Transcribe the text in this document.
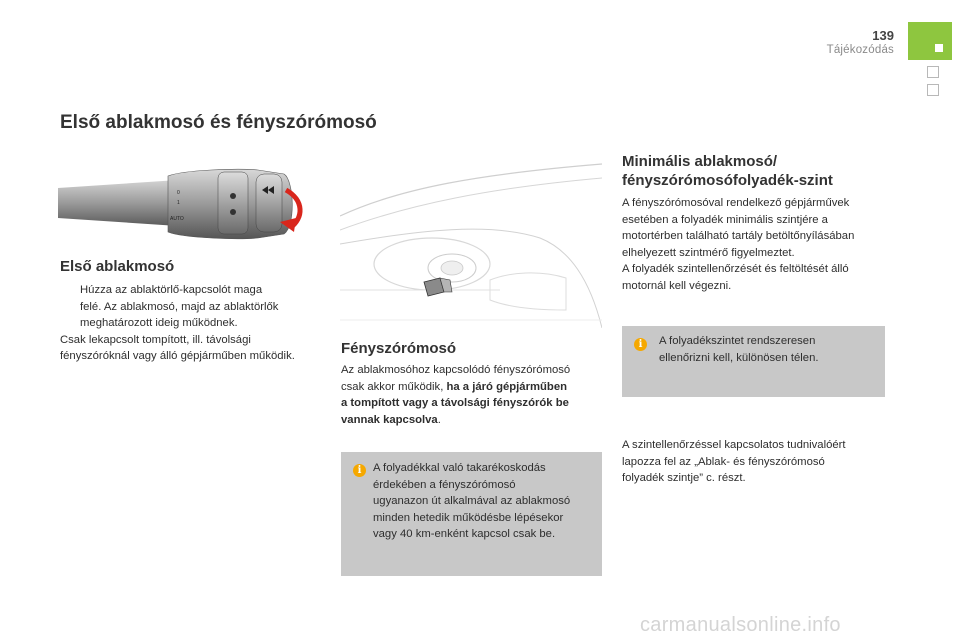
139
Tájékozódás
Első ablakmosó és fényszórómosó
0
1
AUTO
Első ablakmosó
Húzza az ablaktörlő-kapcsolót maga
felé. Az ablakmosó, majd az ablaktörlők
meghatározott ideig működnek.
Csak lekapcsolt tompított, ill. távolsági
fényszóróknál vagy álló gépjárműben működik.	Fényszórómosó
Az ablakmosóhoz kapcsolódó fényszórómosó
csak akkor működik, ha a járó gépjárműben
a tompított vagy a távolsági fényszórók be
vannak kapcsolva.
i	A folyadékkal való takarékoskodás
érdekében a fényszórómosó
ugyanazon út alkalmával az ablakmosó
minden hetedik működésbe lépésekor
vagy 40 km-enként kapcsol csak be.
Minimális ablakmosó/
fényszórómosófolyadék-szint
A fényszórómosóval rendelkező gépjárművek
esetében a folyadék minimális szintjére a
motortérben található tartály betöltőnyílásában
elhelyezett szintmérő figyelmeztet.
A folyadék szintellenőrzését és feltöltését álló
motornál kell végezni.
i	A folyadékszintet rendszeresen
ellenőrizni kell, különösen télen.
A szintellenőrzéssel kapcsolatos tudnivalóért
lapozza fel az „Ablak- és fényszórómosó
folyadék szintje” c. részt.
carmanualsonline.info
